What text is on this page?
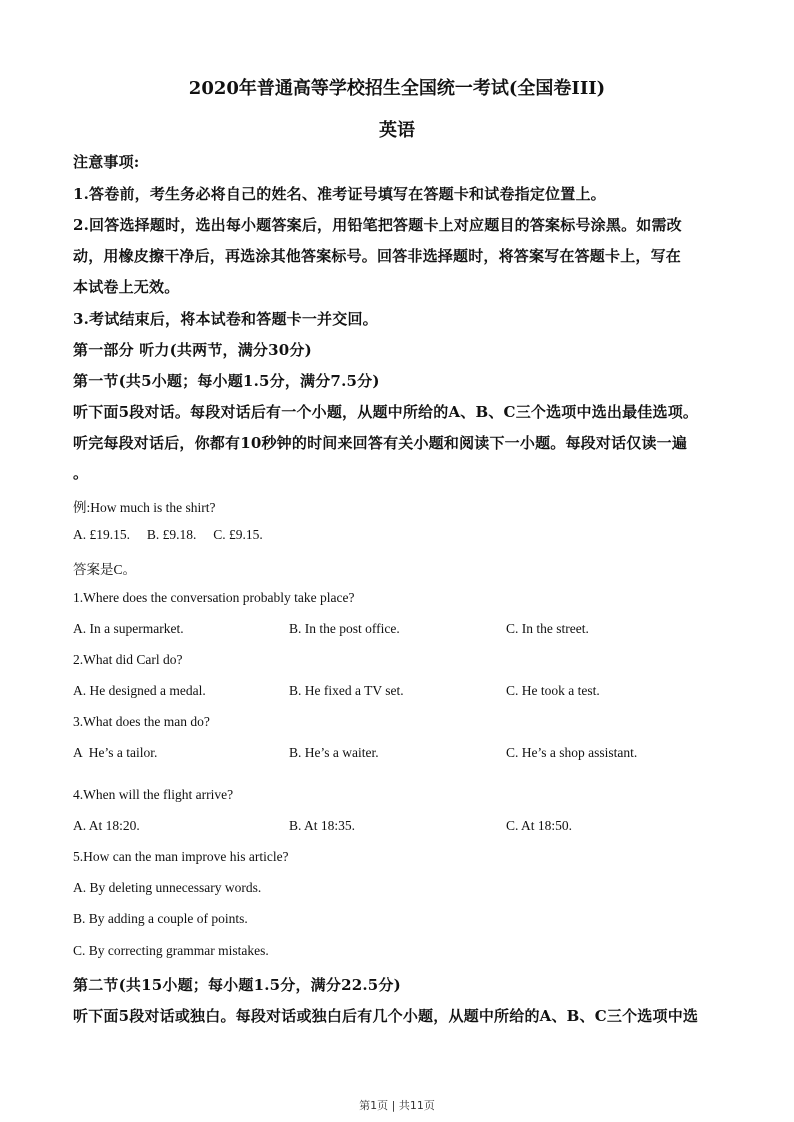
2020年普通高等学校招生全国统一考试(全国卷III)
英语
注意事项:
1.答卷前，考生务必将自己的姓名、准考证号填写在答题卡和试卷指定位置上。
2.回答选择题时，选出每小题答案后，用铅笔把答题卡上对应题目的答案标号涂黑。如需改
动，用橡皮擦干净后，再选涂其他答案标号。回答非选择题时，将答案写在答题卡上，写在
本试卷上无效。
3.考试结束后，将本试卷和答题卡一并交回。
第一部分 听力(共两节，满分30分)
第一节(共5小题；每小题1.5分，满分7.5分)
听下面5段对话。每段对话后有一个小题，从题中所给的A、B、C三个选项中选出最佳选项。
听完每段对话后，你都有10秒钟的时间来回答有关小题和阅读下一小题。每段对话仅读一遍
。
例:How much is the shirt?
A. £19.15.     B. £9.18.     C. £9.15.
答案是C。
1.Where does the conversation probably take place?
A. In a supermarket.	B. In the post office.	C. In the street.
2.What did Carl do?
A. He designed a medal.	B. He fixed a TV set.	C. He took a test.
3.What does the man do?
A  He’s a tailor.	B. He’s a waiter.	C. He’s a shop assistant.
4.When will the flight arrive?
A. At 18:20.	B. At 18:35.	C. At 18:50.
5.How can the man improve his article?
A. By deleting unnecessary words.
B. By adding a couple of points.
C. By correcting grammar mistakes.
第二节(共15小题；每小题1.5分，满分22.5分)
听下面5段对话或独白。每段对话或独白后有几个小题，从题中所给的A、B、C三个选项中选
第1页 | 共11页
